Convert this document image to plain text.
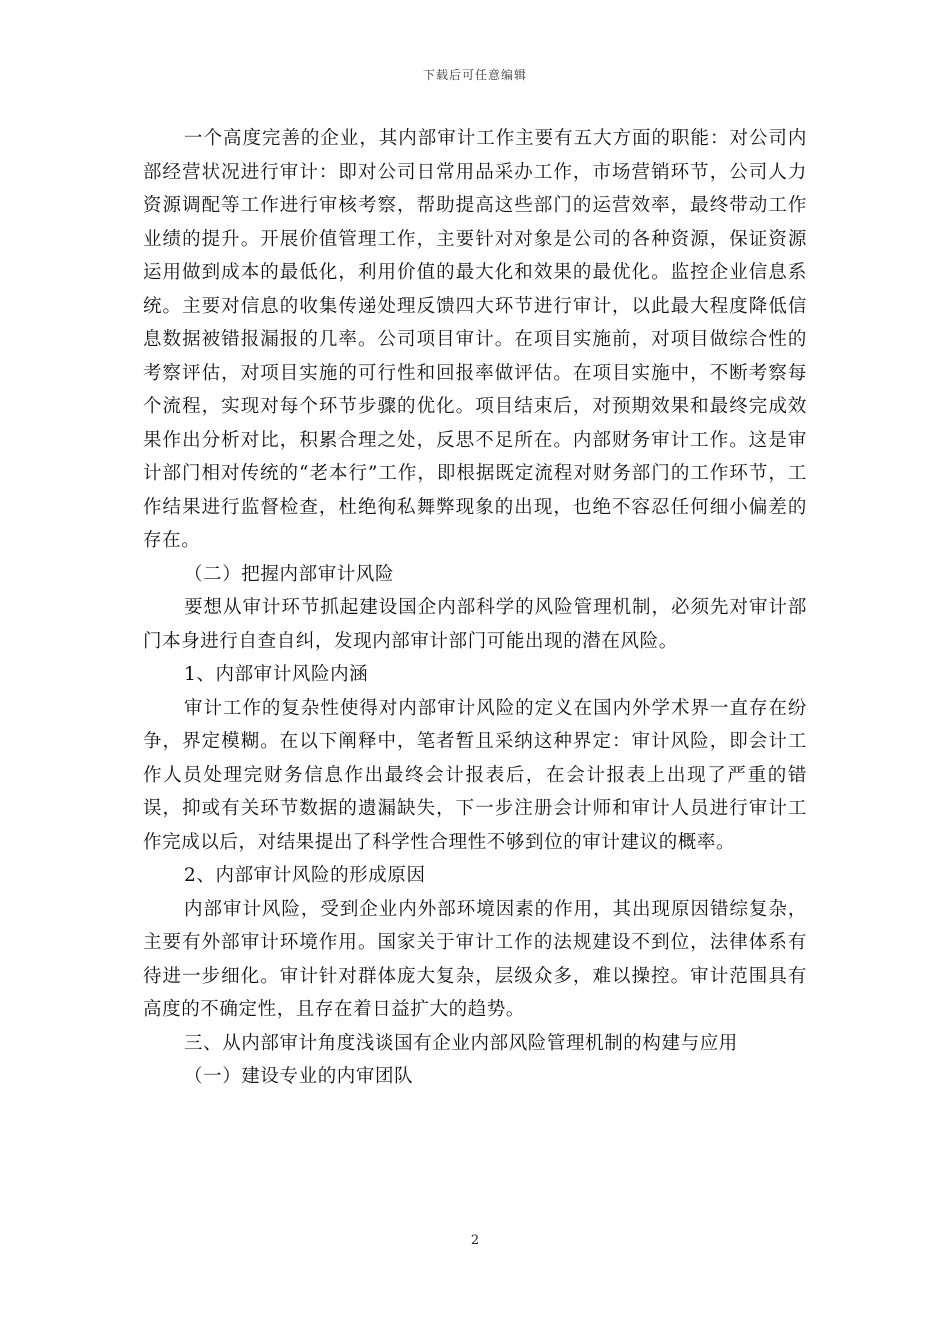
下载后可任意编辑

一个高度完善的企业，其内部审计工作主要有五大方面的职能：对公司内部经营状况进行审计：即对公司日常用品采办工作，市场营销环节，公司人力资源调配等工作进行审核考察，帮助提高这些部门的运营效率，最终带动工作业绩的提升。开展价值管理工作，主要针对对象是公司的各种资源，保证资源运用做到成本的最低化，利用价值的最大化和效果的最优化。监控企业信息系统。主要对信息的收集传递处理反馈四大环节进行审计，以此最大程度降低信息数据被错报漏报的几率。公司项目审计。在项目实施前，对项目做综合性的考察评估，对项目实施的可行性和回报率做评估。在项目实施中，不断考察每个流程，实现对每个环节步骤的优化。项目结束后，对预期效果和最终完成效果作出分析对比，积累合理之处，反思不足所在。内部财务审计工作。这是审计部门相对传统的“老本行”工作，即根据既定流程对财务部门的工作环节，工作结果进行监督检查，杜绝徇私舞弊现象的出现，也绝不容忍任何细小偏差的存在。

（二）把握内部审计风险

要想从审计环节抓起建设国企内部科学的风险管理机制，必须先对审计部门本身进行自查自纠，发现内部审计部门可能出现的潜在风险。

1、内部审计风险内涵

审计工作的复杂性使得对内部审计风险的定义在国内外学术界一直存在纷争，界定模糊。在以下阐释中，笔者暂且采纳这种界定：审计风险，即会计工作人员处理完财务信息作出最终会计报表后，在会计报表上出现了严重的错误，抑或有关环节数据的遗漏缺失，下一步注册会计师和审计人员进行审计工作完成以后，对结果提出了科学性合理性不够到位的审计建议的概率。

2、内部审计风险的形成原因

内部审计风险，受到企业内外部环境因素的作用，其出现原因错综复杂，主要有外部审计环境作用。国家关于审计工作的法规建设不到位，法律体系有待进一步细化。审计针对群体庞大复杂，层级众多，难以操控。审计范围具有高度的不确定性，且存在着日益扩大的趋势。

三、从内部审计角度浅谈国有企业内部风险管理机制的构建与应用

（一）建设专业的内审团队

2
